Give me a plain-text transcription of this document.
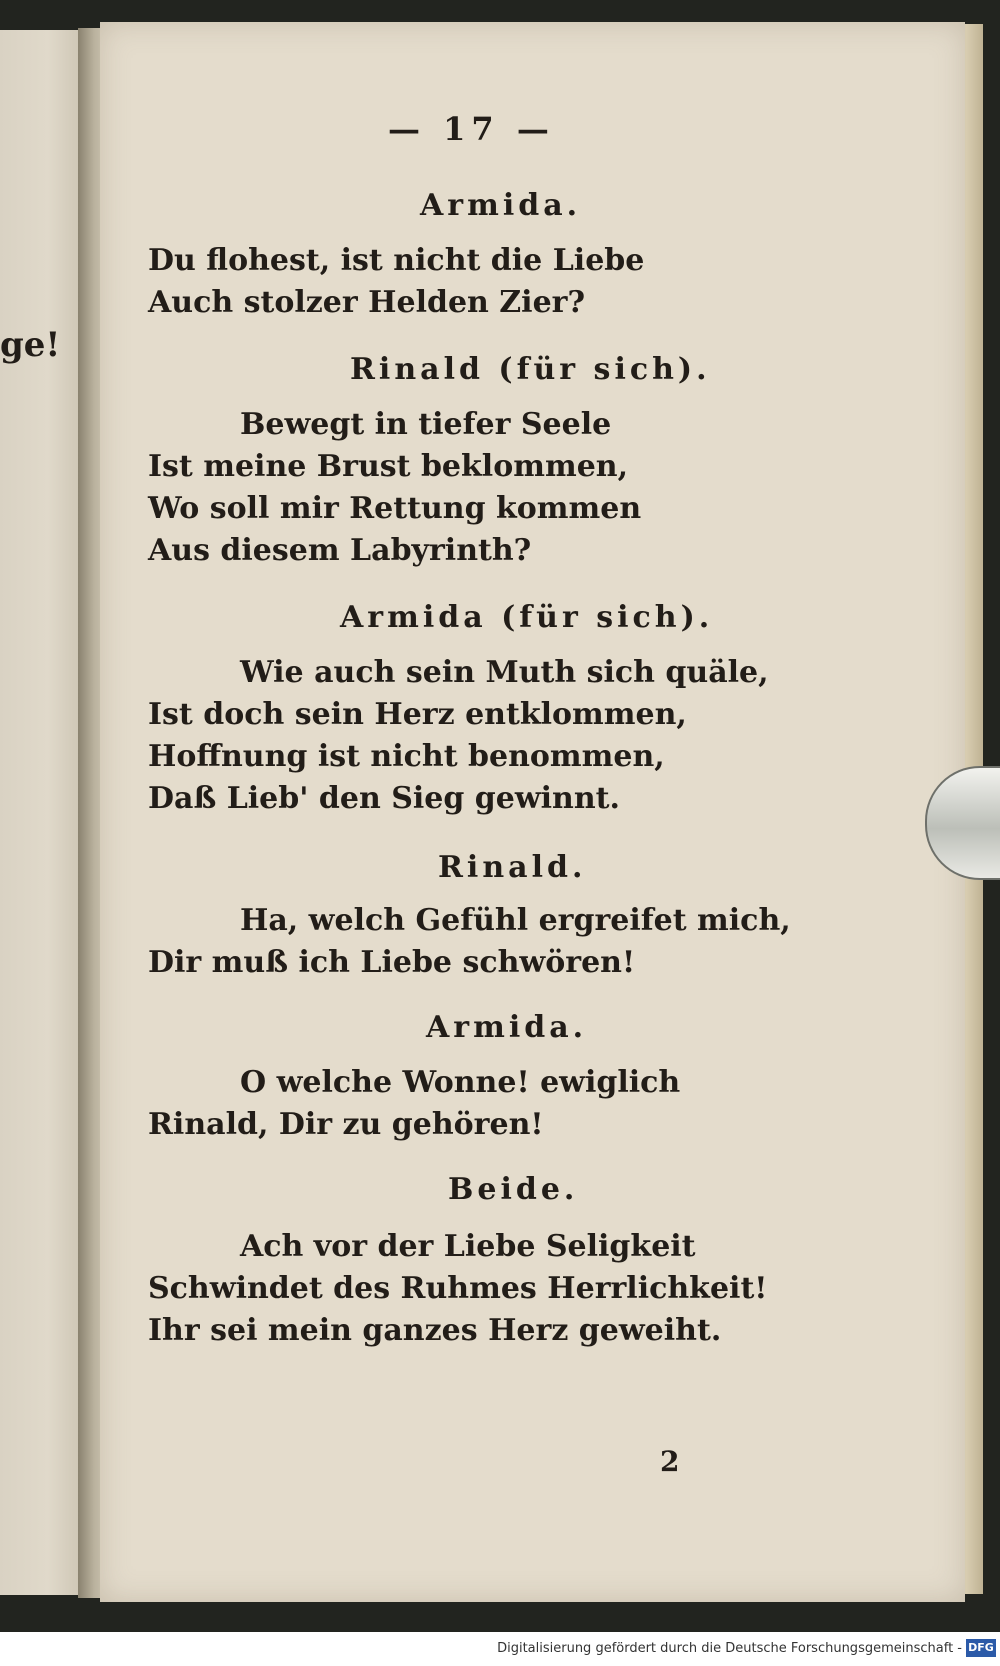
ge!
— 17 —
Armida.
Du flohest, ist nicht die Liebe
Auch stolzer Helden Zier?
Rinald (für sich).
Bewegt in tiefer Seele
Ist meine Brust beklommen,
Wo soll mir Rettung kommen
Aus diesem Labyrinth?
Armida (für sich).
Wie auch sein Muth sich quäle,
Ist doch sein Herz entklommen,
Hoffnung ist nicht benommen,
Daß Lieb' den Sieg gewinnt.
Rinald.
Ha, welch Gefühl ergreifet mich,
Dir muß ich Liebe schwören!
Armida.
O welche Wonne! ewiglich
Rinald, Dir zu gehören!
Beide.
Ach vor der Liebe Seligkeit
Schwindet des Ruhmes Herrlichkeit!
Ihr sei mein ganzes Herz geweiht.
2
Digitalisierung gefördert durch die Deutsche Forschungsgemeinschaft - DFG
